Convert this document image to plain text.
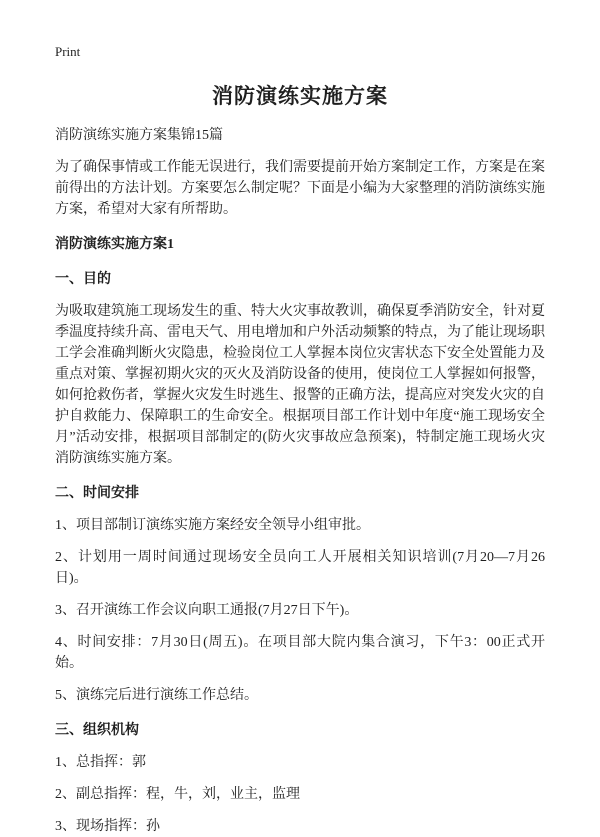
Print

消防演练实施方案

消防演练实施方案集锦15篇

为了确保事情或工作能无误进行，我们需要提前开始方案制定工作，方案是在案前得出的方法计划。方案要怎么制定呢？下面是小编为大家整理的消防演练实施方案，希望对大家有所帮助。

消防演练实施方案1

一、目的

为吸取建筑施工现场发生的重、特大火灾事故教训，确保夏季消防安全，针对夏季温度持续升高、雷电天气、用电增加和户外活动频繁的特点，为了能让现场职工学会准确判断火灾隐患，检验岗位工人掌握本岗位灾害状态下安全处置能力及重点对策、掌握初期火灾的灭火及消防设备的使用，使岗位工人掌握如何报警，如何抢救伤者，掌握火灾发生时逃生、报警的正确方法，提高应对突发火灾的自护自救能力、保障职工的生命安全。根据项目部工作计划中年度“施工现场安全月”活动安排，根据项目部制定的(防火灾事故应急预案)，特制定施工现场火灾消防演练实施方案。

二、时间安排

1、项目部制订演练实施方案经安全领导小组审批。

2、计划用一周时间通过现场安全员向工人开展相关知识培训(7月20—7月26日)。

3、召开演练工作会议向职工通报(7月27日下午)。

4、时间安排：7月30日(周五)。在项目部大院内集合演习，下午3：00正式开始。

5、演练完后进行演练工作总结。

三、组织机构

1、总指挥：郭

2、副总指挥：程，牛，刘，业主，监理

3、现场指挥：孙
